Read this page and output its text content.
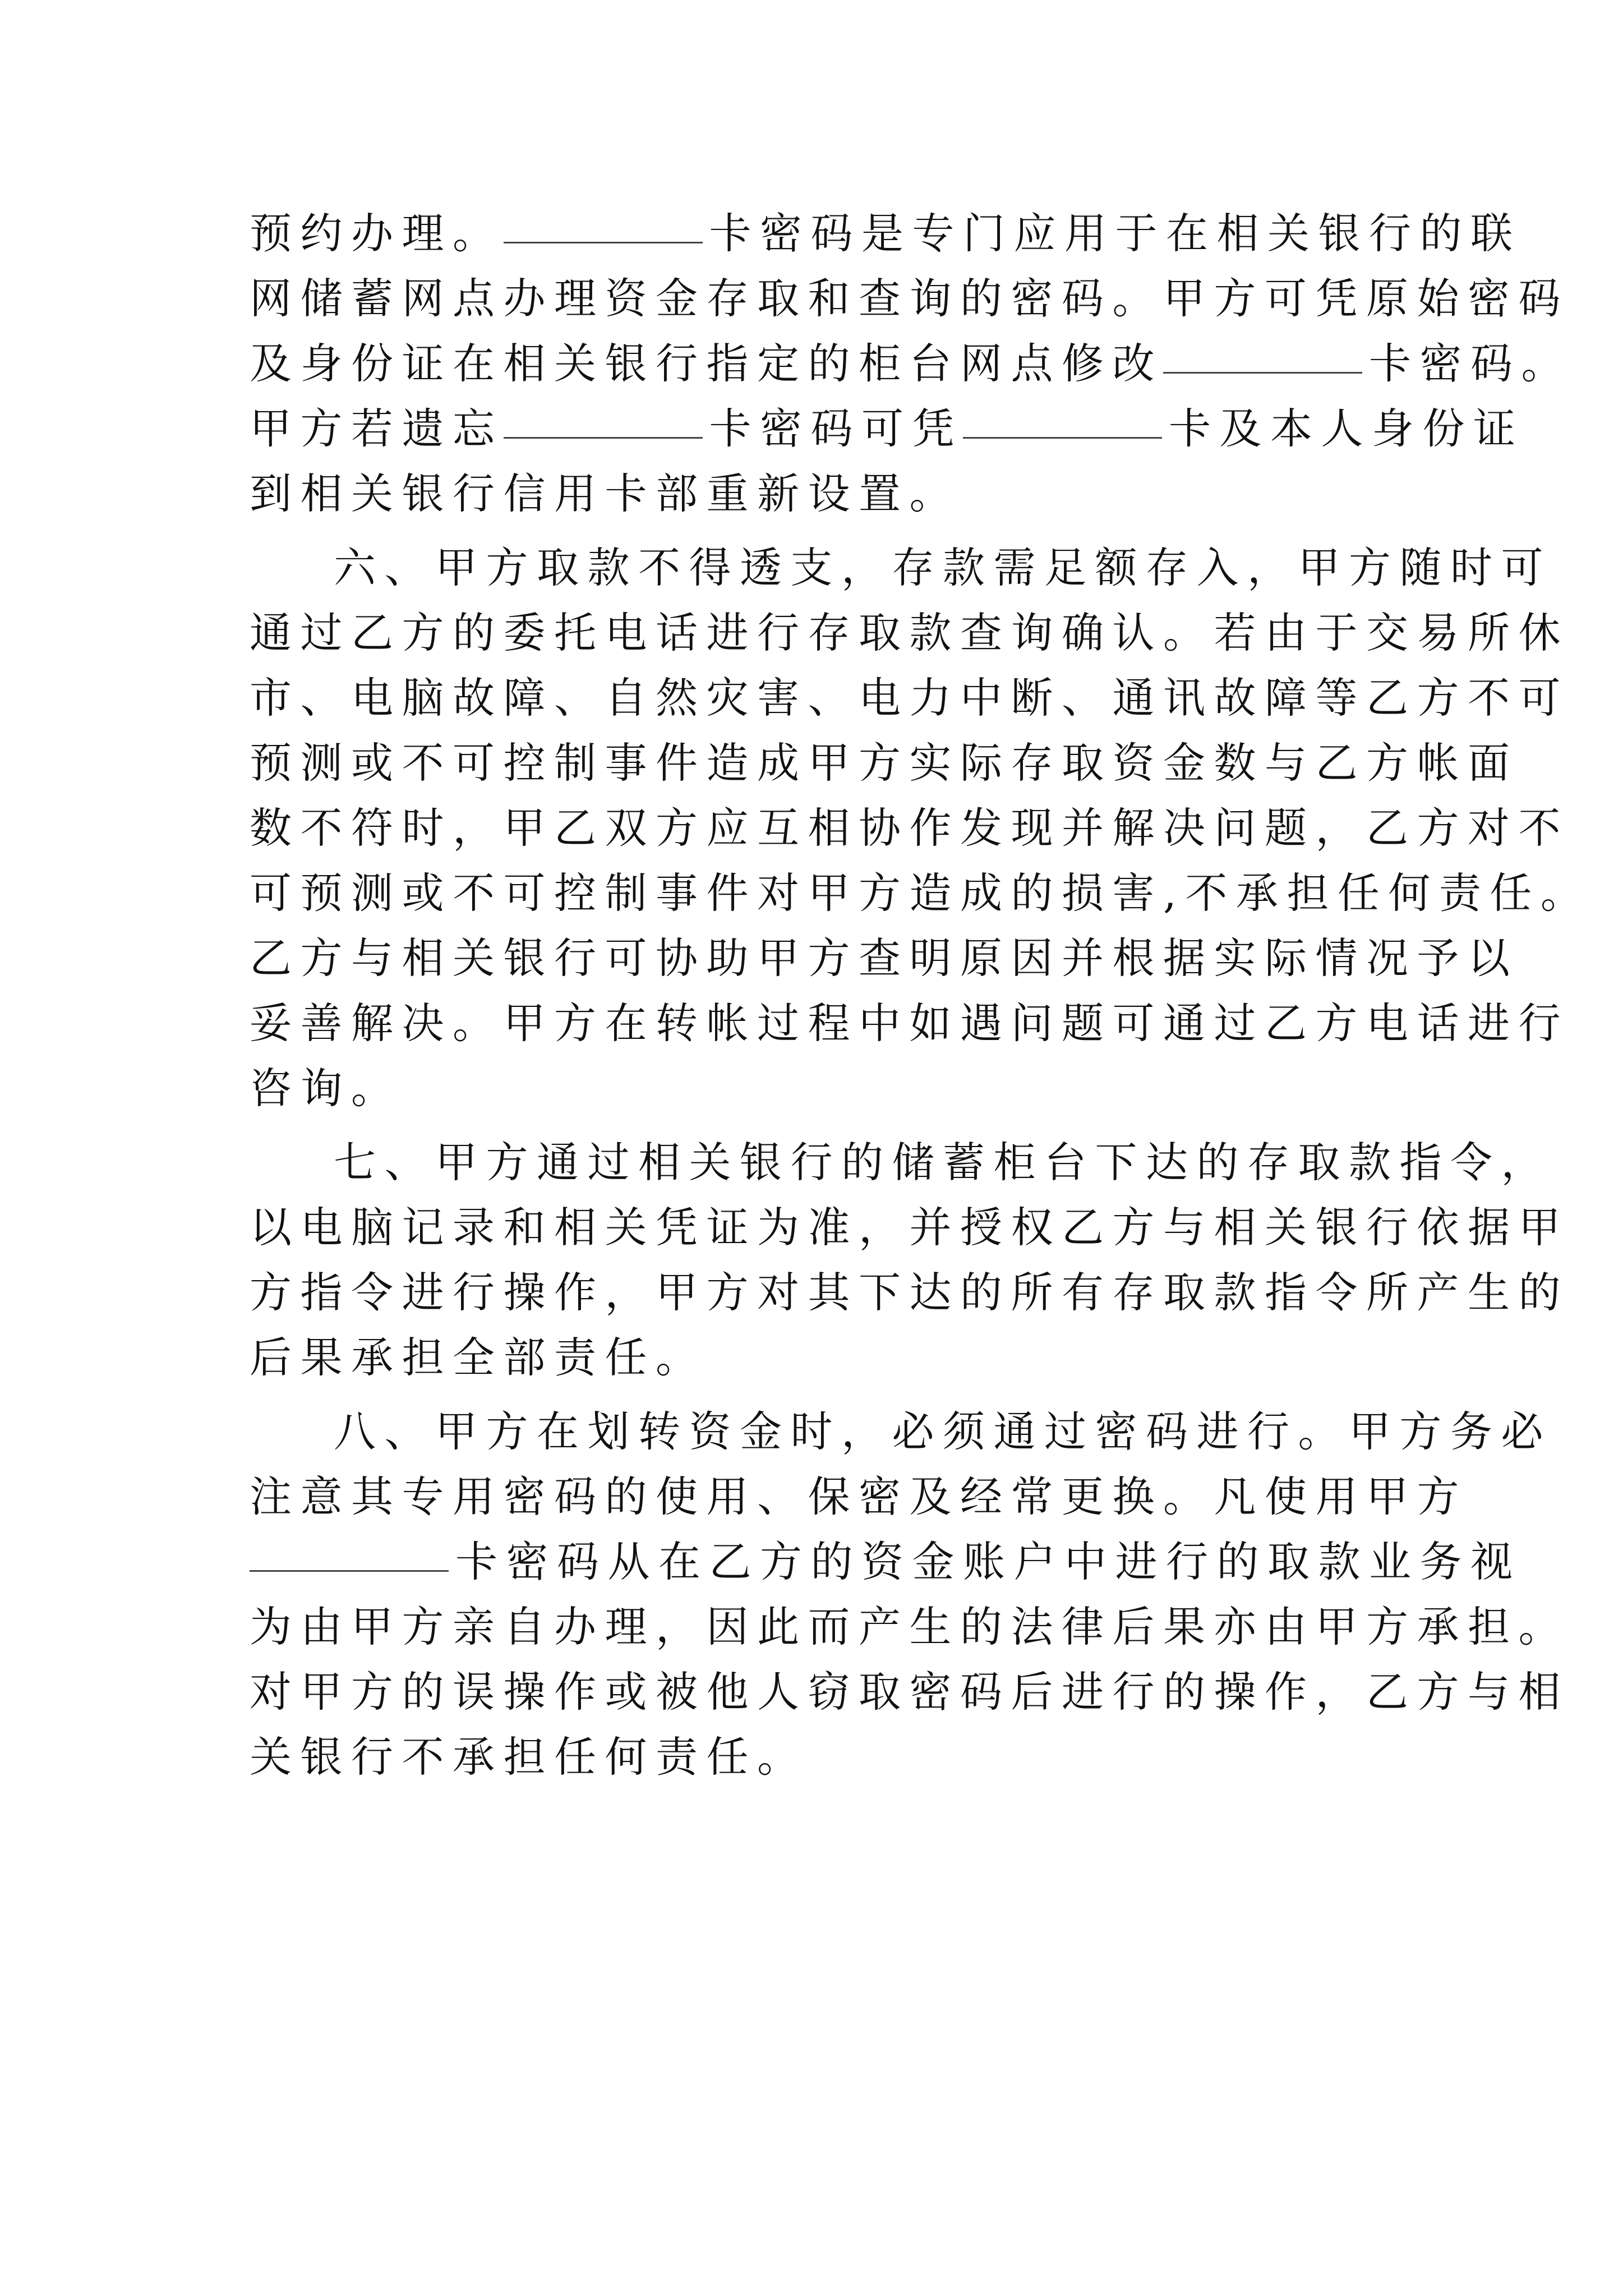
预约办理。	卡密码是专门应用于在相关银行的联
网储蓄网点办理资金存取和查询的密码。甲方可凭原始密码
及身份证在相关银行指定的柜台网点修改	卡密码。
甲方若遗忘	卡密码可凭	卡及本人身份证
到相关银行信用卡部重新设置。
六、甲方取款不得透支，存款需足额存入，甲方随时可
通过乙方的委托电话进行存取款查询确认。若由于交易所休
市、电脑故障、自然灾害、电力中断、通讯故障等乙方不可
预测或不可控制事件造成甲方实际存取资金数与乙方帐面
数不符时，甲乙双方应互相协作发现并解决问题，乙方对不
可预测或不可控制事件对甲方造成的损害,不承担任何责任。
乙方与相关银行可协助甲方查明原因并根据实际情况予以
妥善解决。甲方在转帐过程中如遇问题可通过乙方电话进行
咨询。
七、甲方通过相关银行的储蓄柜台下达的存取款指令，
以电脑记录和相关凭证为准，并授权乙方与相关银行依据甲
方指令进行操作，甲方对其下达的所有存取款指令所产生的
后果承担全部责任。
八、甲方在划转资金时，必须通过密码进行。甲方务必
注意其专用密码的使用、保密及经常更换。凡使用甲方
卡密码从在乙方的资金账户中进行的取款业务视
为由甲方亲自办理，因此而产生的法律后果亦由甲方承担。
对甲方的误操作或被他人窃取密码后进行的操作，乙方与相
关银行不承担任何责任。
